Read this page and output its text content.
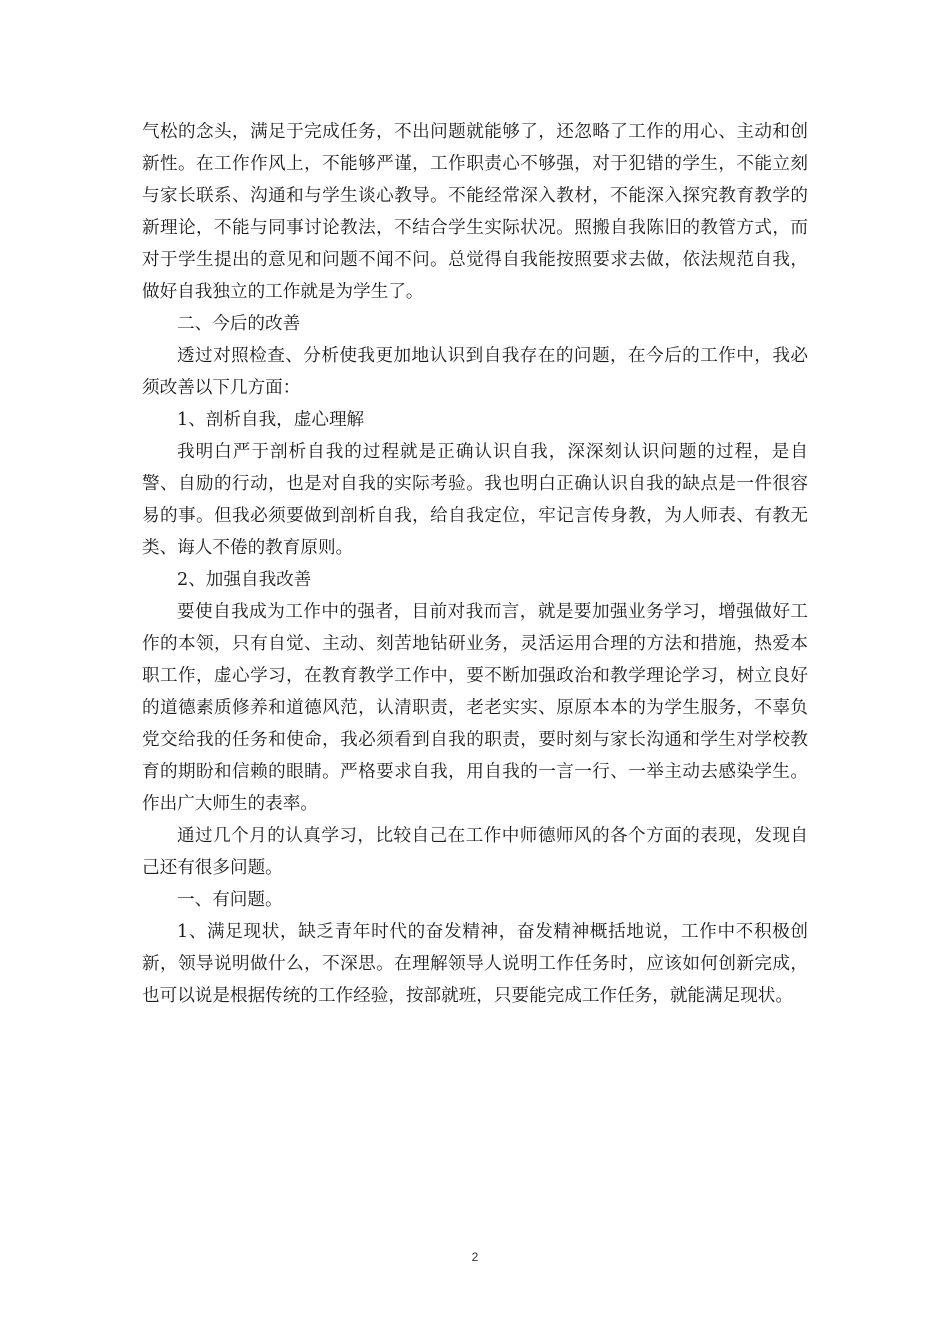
气松的念头，满足于完成任务，不出问题就能够了，还忽略了工作的用心、主动和创新性。在工作作风上，不能够严谨，工作职责心不够强，对于犯错的学生，不能立刻与家长联系、沟通和与学生谈心教导。不能经常深入教材，不能深入探究教育教学的新理论，不能与同事讨论教法，不结合学生实际状况。照搬自我陈旧的教管方式，而对于学生提出的意见和问题不闻不问。总觉得自我能按照要求去做，依法规范自我，做好自我独立的工作就是为学生了。

二、今后的改善

透过对照检查、分析使我更加地认识到自我存在的问题，在今后的工作中，我必须改善以下几方面：

1、剖析自我，虚心理解

我明白严于剖析自我的过程就是正确认识自我，深深刻认识问题的过程，是自警、自励的行动，也是对自我的实际考验。我也明白正确认识自我的缺点是一件很容易的事。但我必须要做到剖析自我，给自我定位，牢记言传身教，为人师表、有教无类、诲人不倦的教育原则。

2、加强自我改善

要使自我成为工作中的强者，目前对我而言，就是要加强业务学习，增强做好工作的本领，只有自觉、主动、刻苦地钻研业务，灵活运用合理的方法和措施，热爱本职工作，虚心学习，在教育教学工作中，要不断加强政治和教学理论学习，树立良好的道德素质修养和道德风范，认清职责，老老实实、原原本本的为学生服务，不辜负党交给我的任务和使命，我必须看到自我的职责，要时刻与家长沟通和学生对学校教育的期盼和信赖的眼睛。严格要求自我，用自我的一言一行、一举主动去感染学生。作出广大师生的表率。

通过几个月的认真学习，比较自己在工作中师德师风的各个方面的表现，发现自己还有很多问题。

一、有问题。

1、满足现状，缺乏青年时代的奋发精神，奋发精神概括地说，工作中不积极创新，领导说明做什么，不深思。在理解领导人说明工作任务时，应该如何创新完成，也可以说是根据传统的工作经验，按部就班，只要能完成工作任务，就能满足现状。

2
